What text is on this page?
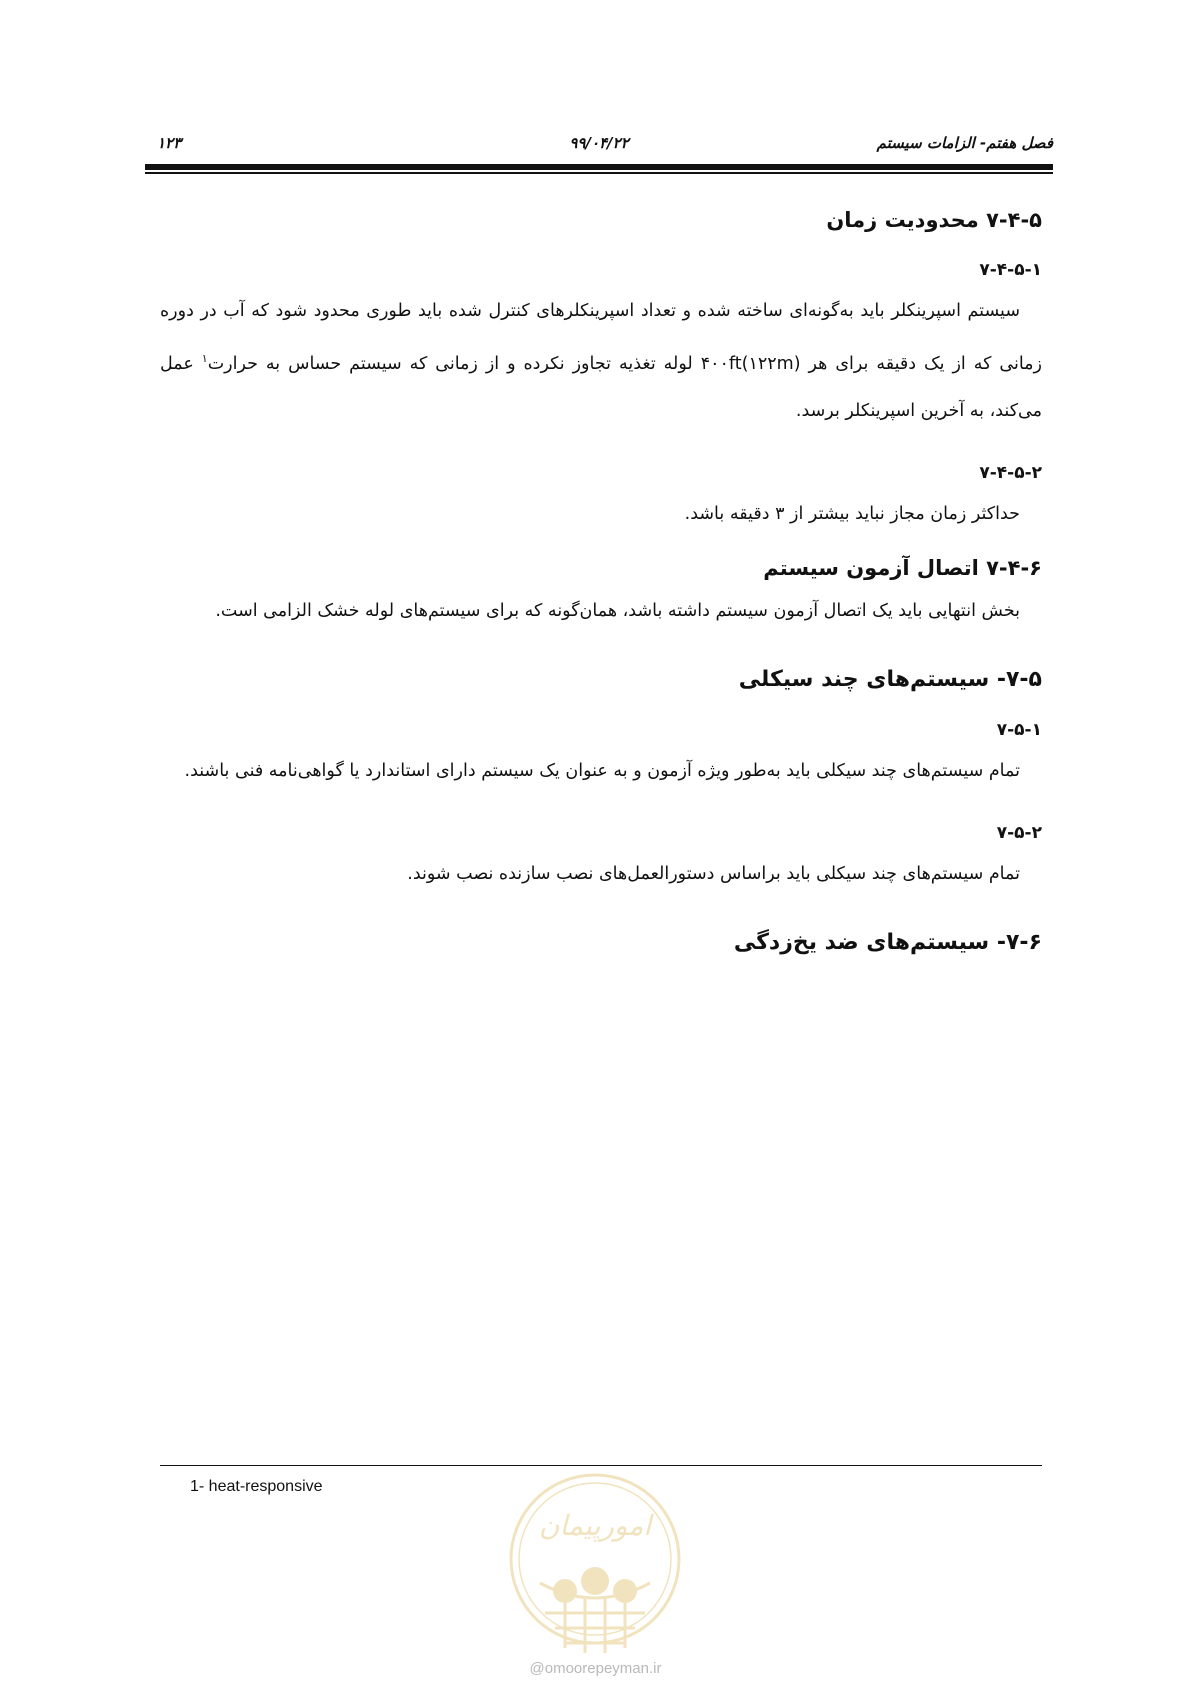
فصل هفتم- الزامات سیستم
۹۹/۰۴/۲۲
۱۲۳
۷-۴-۵ محدودیت زمان
۷-۴-۵-۱

سیستم اسپرینکلر باید به‌گونه‌ای ساخته شده و تعداد اسپرینکلرهای کنترل شده باید طوری محدود شود که آب در دوره زمانی که از یک دقیقه برای هر ۴۰۰ft(۱۲۲m) لوله تغذیه تجاوز نکرده و از زمانی که سیستم حساس به حرارت$^۱$ عمل می‌کند، به آخرین اسپرینکلر برسد.

۷-۴-۵-۲

حداکثر زمان مجاز نباید بیشتر از ۳ دقیقه باشد.

۷-۴-۶ اتصال آزمون سیستم

بخش انتهایی باید یک اتصال آزمون سیستم داشته باشد، همان‌گونه که برای سیستم‌های لوله خشک الزامی است.

۷-۵- سیستم‌های چند سیکلی
۷-۵-۱

تمام سیستم‌های چند سیکلی باید به‌طور ویژه آزمون و به عنوان یک سیستم دارای استاندارد یا گواهی‌نامه فنی باشند.

۷-۵-۲

تمام سیستم‌های چند سیکلی باید براساس دستورالعمل‌های نصب سازنده نصب شوند.

۷-۶- سیستم‌های ضد یخ‌زدگی
1- heat-responsive
امورپیمان
@omoorepeyman.ir
